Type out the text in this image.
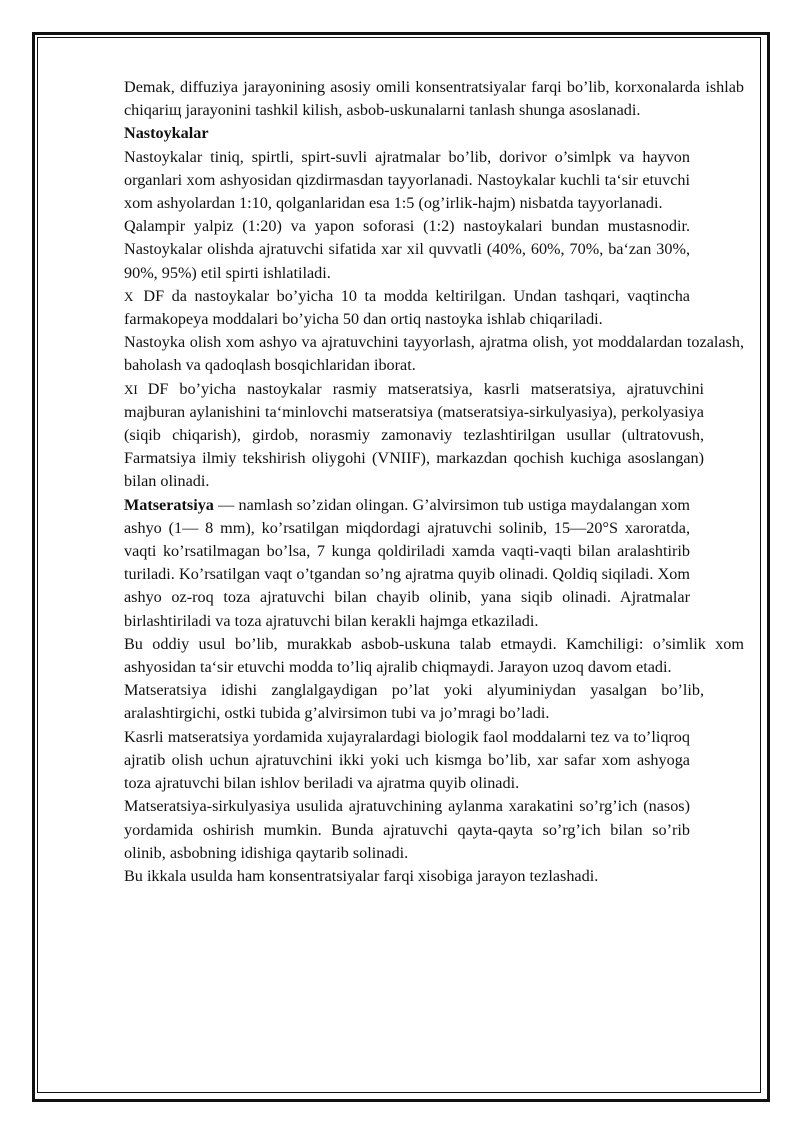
Demak, diffuziya jarayonining asosiy omili konsentratsiyalar farqi bo’lib, korxonalarda ishlab chiqariщ jarayonini tashkil kilish, asbob-uskunalarni tanlash shunga asoslanadi.

Nastoykalar

Nastoykalar tiniq, spirtli, spirt-suvli ajratmalar bo’lib, dorivor o’simlpk va hayvon organlari xom ashyosidan qizdirmasdan tayyorlanadi. Nastoykalar kuchli ta‘sir etuvchi xom ashyolardan 1:10, qolganlaridan esa 1:5 (og’irlik-hajm) nisbatda tayyorlanadi.

Qalampir yalpiz (1:20) va yapon soforasi (1:2) nastoykalari bundan mustasnodir. Nastoykalar olishda ajratuvchi sifatida xar xil quvvatli (40%, 60%, 70%, ba‘zan 30%, 90%, 95%) etil spirti ishlatiladi.

X DF da nastoykalar bo’yicha 10 ta modda keltirilgan. Undan tashqari, vaqtincha farmakopeya moddalari bo’yicha 50 dan ortiq nastoyka ishlab chiqariladi.

Nastoyka olish xom ashyo va ajratuvchini tayyorlash, ajratma olish, yot moddalardan tozalash, baholash va qadoqlash bosqichlaridan iborat.

XI DF bo’yicha nastoykalar rasmiy matseratsiya, kasrli matseratsiya, ajratuvchini majburan aylanishini ta‘minlovchi matseratsiya (matseratsiya-sirkulyasiya), perkolyasiya (siqib chiqarish), girdob, norasmiy zamonaviy tezlashtirilgan usullar (ultratovush, Farmatsiya ilmiy tekshirish oliygohi (VNIIF), markazdan qochish kuchiga asoslangan) bilan olinadi.

Matseratsiya — namlash so’zidan olingan. G’alvirsimon tub ustiga maydalangan xom ashyo (1— 8 mm), ko’rsatilgan miqdordagi ajratuvchi solinib, 15—20°S xaroratda, vaqti ko’rsatilmagan bo’lsa, 7 kunga qoldiriladi xamda vaqti-vaqti bilan aralashtirib turiladi. Ko’rsatilgan vaqt o’tgandan so’ng ajratma quyib olinadi. Qoldiq siqiladi. Xom ashyo oz-roq toza ajratuvchi bilan chayib olinib, yana siqib olinadi. Ajratmalar birlashtiriladi va toza ajratuvchi bilan kerakli hajmga etkaziladi.

Bu oddiy usul bo’lib, murakkab asbob-uskuna talab etmaydi. Kamchiligi: o’simlik xom ashyosidan ta‘sir etuvchi modda to’liq ajralib chiqmaydi. Jarayon uzoq davom etadi.

Matseratsiya idishi zanglalgaydigan po’lat yoki alyuminiydan yasalgan bo’lib, aralashtirgichi, ostki tubida g’alvirsimon tubi va jo’mragi bo’ladi.

Kasrli matseratsiya yordamida xujayralardagi biologik faol moddalarni tez va to’liqroq ajratib olish uchun ajratuvchini ikki yoki uch kismga bo’lib, xar safar xom ashyoga toza ajratuvchi bilan ishlov beriladi va ajratma quyib olinadi.

Matseratsiya-sirkulyasiya usulida ajratuvchining aylanma xarakatini so’rg’ich (nasos) yordamida oshirish mumkin. Bunda ajratuvchi qayta-qayta so’rg’ich bilan so’rib olinib, asbobning idishiga qaytarib solinadi.

Bu ikkala usulda ham konsentratsiyalar farqi xisobiga jarayon tezlashadi.
